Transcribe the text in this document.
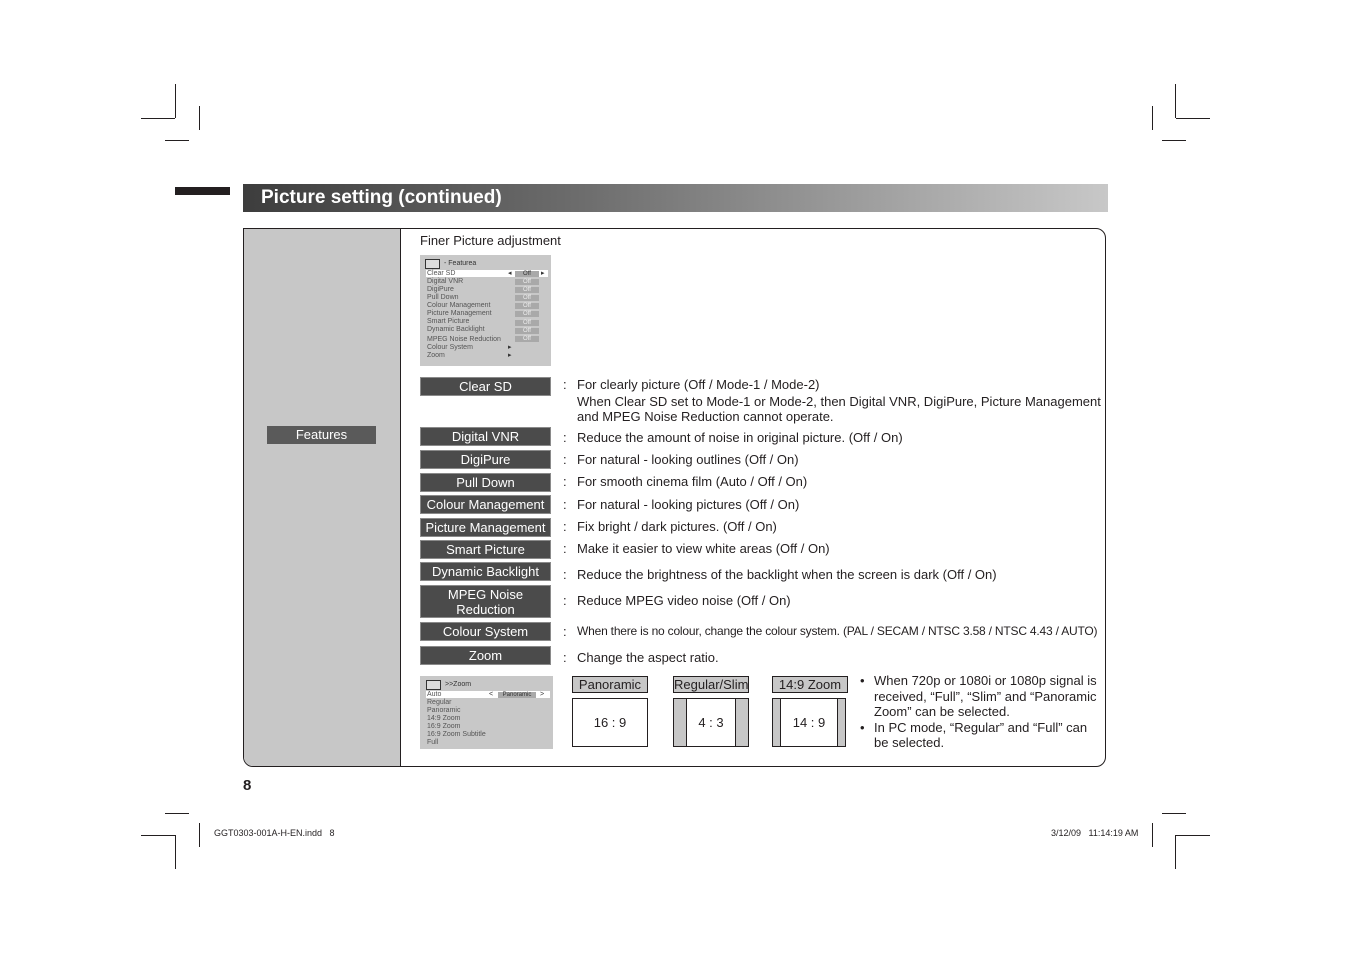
Picture setting (continued)
Features
Finer Picture adjustment
- Featurea
Clear SD
Digital VNR
DigiPure
Pull Down
Colour Management
Picture Management
Smart Picture
Dynamic Backlight
MPEG Noise Reduction
Colour System
Zoom
◂	▸
Off
Off
Off
Off
Off
Off
Off
Off
Off
▸
▸
Clear SD	: For clearly picture (Off / Mode-1 / Mode-2)
When Clear SD set to Mode-1 or Mode-2, then Digital VNR, DigiPure, Picture Management
and MPEG Noise Reduction cannot operate.
Digital VNR	: Reduce the amount of noise in original picture. (Off / On)
DigiPure	: For natural - looking outlines (Off / On)
Pull Down	: For smooth cinema film (Auto / Off / On)
Colour Management	: For natural - looking pictures (Off / On)
Picture Management	: Fix bright / dark pictures. (Off / On)
Smart Picture	: Make it easier to view white areas (Off / On)
Dynamic Backlight	: Reduce the brightness of the backlight when the screen is dark (Off / On)
MPEG Noise
Reduction
: Reduce MPEG video noise (Off / On)
Colour System	: When there is no colour, change the colour system. (PAL / SECAM / NTSC 3.58 / NTSC 4.43 / AUTO)
Zoom	: Change the aspect ratio.
>>Zoom
Auto
Regular
Panoramic
14:9 Zoom
16:9 Zoom
16:9 Zoom Subtitle
Full
<	Panoramic	>
Panoramic
16 : 9
Regular/Slim
4 : 3
14:9 Zoom
14 : 9
• When 720p or 1080i or 1080p signal is
received, “Full”, “Slim” and “Panoramic
Zoom” can be selected.
• In PC mode, “Regular” and “Full” can
be selected.
8
GGT0303-001A-H-EN.indd   8	3/12/09   11:14:19 AM
